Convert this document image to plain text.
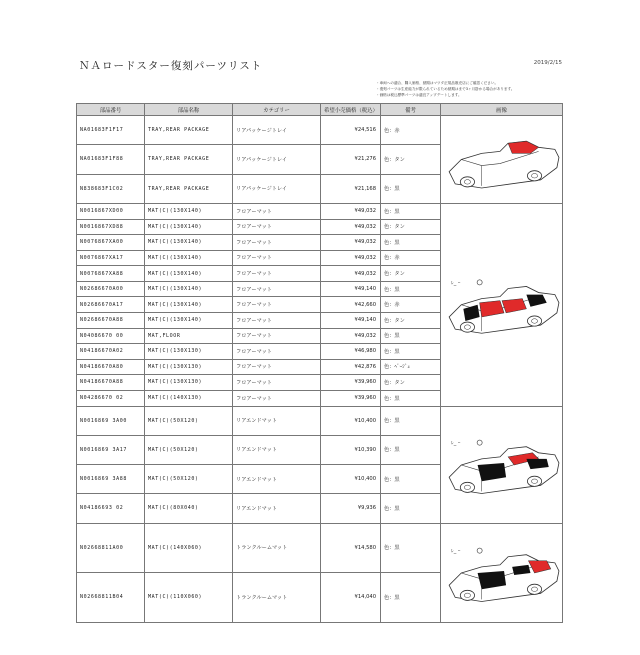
ＮＡロードスター復刻パーツリスト	2019/2/15
・車両への適合、購入価格、納期はマツダ正規品販売店にご確認ください。
・復刻パーツは生産能力が限られているため納期はまで3ヶ月掛かる場合があります。
・価格は税込標準パーツは適宜アップデートします。
部品番号	部品名称	カテゴリー	希望小売価格（税込）	備考	画像
NA01683F1F17	TRAY,REAR PACKAGE	リアパッケージトレイ	¥24,516	色：赤	

NA01683F1F88	TRAY,REAR PACKAGE	リアパッケージトレイ	¥21,276	色：タン	
N838683F1C02	TRAY,REAR PACKAGE	リアパッケージトレイ	¥21,168	色：黒	
N0016867XD00	MAT(C)(130X140)	フロアーマット	¥49,032	色：黒	ﾚ_ ｰ

N0016867XD88	MAT(C)(130X140)	フロアーマット	¥49,032	色：タン	
N0076867XA00	MAT(C)(130X140)	フロアーマット	¥49,032	色：黒	
N0076867XA17	MAT(C)(130X140)	フロアーマット	¥49,032	色：赤	
N0076867XA88	MAT(C)(130X140)	フロアーマット	¥49,032	色：タン	
N02686670A00	MAT(C)(130X140)	フロアーマット	¥49,140	色：黒	
N02686670A17	MAT(C)(130X140)	フロアーマット	¥42,660	色：赤	
N02686670A88	MAT(C)(130X140)	フロアーマット	¥49,140	色：タン	
N04086670 00	MAT,FLOOR	フロアーマット	¥49,032	色：黒	
N04186670A02	MAT(C)(130X130)	フロアーマット	¥46,980	色：黒	
N04186670A80	MAT(C)(130X130)	フロアーマット	¥42,876	色：ﾍﾞｰｼﾞｭ	
N04186670A88	MAT(C)(130X130)	フロアーマット	¥39,960	色：タン	
N04286670 02	MAT(C)(140X130)	フロアーマット	¥39,960	色：黒	
N0016869 3A00	MAT(C)(50X120)	リアエンドマット	¥10,400	色：黒	ﾚ_ ｰ

N0016869 3A17	MAT(C)(50X120)	リアエンドマット	¥10,390	色：黒	
N0016869 3A88	MAT(C)(50X120)	リアエンドマット	¥10,400	色：黒	
N04186693 02	MAT(C)(80X040)	リアエンドマット	¥9,936	色：黒	
N02668811A00	MAT(C)(140X060)	トランクルームマット	¥14,580	色：黒	ﾚ_ ｰ

N02668811B04	MAT(C)(110X060)	トランクルームマット	¥14,040	色：黒	
